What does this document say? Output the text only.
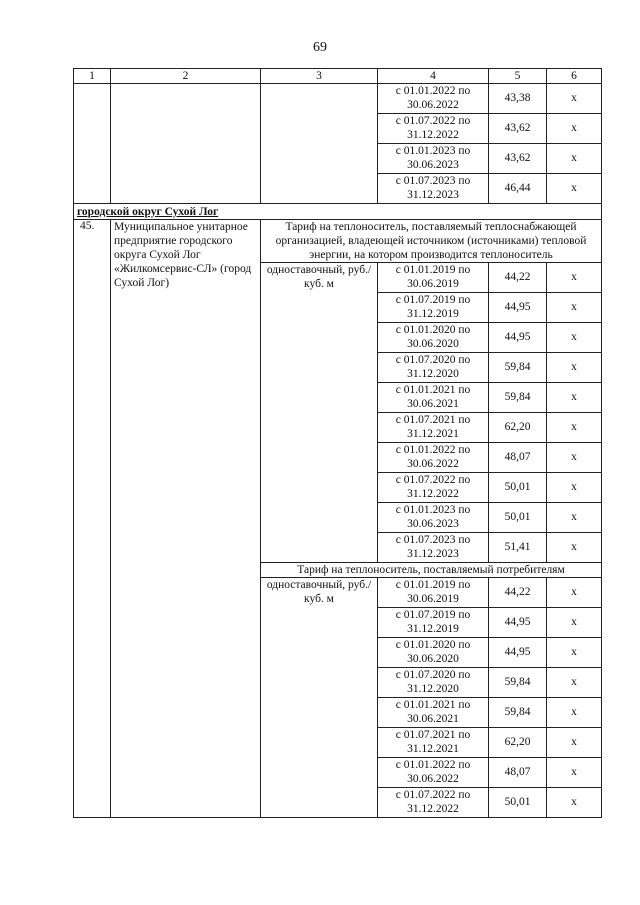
69
1	2	3	4	5	6

			с 01.01.2022 по
30.06.2022	43,38	x

			с 01.07.2022 по
31.12.2022	43,62	x

			с 01.01.2023 по
30.06.2023	43,62	x

			с 01.07.2023 по
31.12.2023	46,44	x
городской округ Сухой Лог					
45.	Муниципальное унитарное предприятие городского округа Сухой Лог «Жилкомсервис-СЛ» (город Сухой Лог)	Тариф на теплоноситель, поставляемый теплоснабжающей организацией, владеющей источником (источниками) тепловой энергии, на котором производится теплоноситель			
		одноставочный, руб./куб. м	с 01.01.2019 по
30.06.2019	44,22	x

			с 01.07.2019 по
31.12.2019	44,95	x

			с 01.01.2020 по
30.06.2020	44,95	x

			с 01.07.2020 по
31.12.2020	59,84	x

			с 01.01.2021 по
30.06.2021	59,84	x

			с 01.07.2021 по
31.12.2021	62,20	x

			с 01.01.2022 по
30.06.2022	48,07	x

			с 01.07.2022 по
31.12.2022	50,01	x

			с 01.01.2023 по
30.06.2023	50,01	x

			с 01.07.2023 по
31.12.2023	51,41	x
		Тариф на теплоноситель, поставляемый потребителям			
		одноставочный, руб./куб. м	с 01.01.2019 по
30.06.2019	44,22	x

			с 01.07.2019 по
31.12.2019	44,95	x

			с 01.01.2020 по
30.06.2020	44,95	x

			с 01.07.2020 по
31.12.2020	59,84	x

			с 01.01.2021 по
30.06.2021	59,84	x

			с 01.07.2021 по
31.12.2021	62,20	x

			с 01.01.2022 по
30.06.2022	48,07	x

			с 01.07.2022 по
31.12.2022	50,01	x
